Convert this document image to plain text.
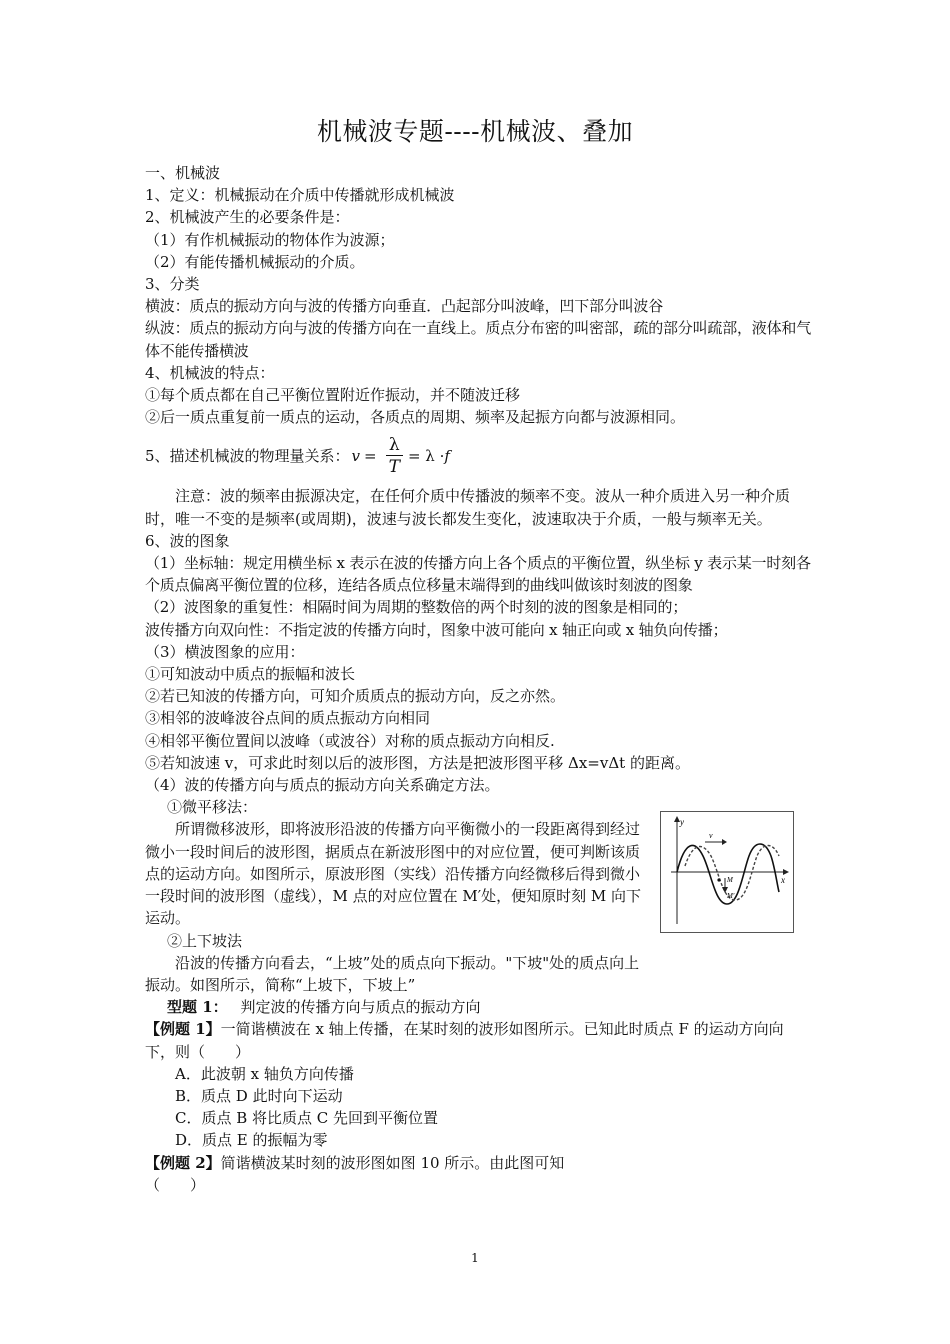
机械波专题----机械波、叠加

一、机械波

1、定义：机械振动在介质中传播就形成机械波

2、机械波产生的必要条件是：

（1）有作机械振动的物体作为波源；

（2）有能传播机械振动的介质。

3、分类

横波：质点的振动方向与波的传播方向垂直．凸起部分叫波峰，凹下部分叫波谷

纵波：质点的振动方向与波的传播方向在一直线上。质点分布密的叫密部，疏的部分叫疏部，液体和气体不能传播横波

4、机械波的特点：

①每个质点都在自己平衡位置附近作振动，并不随波迁移

②后一质点重复前一质点的运动，各质点的周期、频率及起振方向都与波源相同。

5、描述机械波的物理量关系： $v = \frac{\lambda}{T} = \lambda \cdot f$

注意：波的频率由振源决定，在任何介质中传播波的频率不变。波从一种介质进入另一种介质时，唯一不变的是频率(或周期)，波速与波长都发生变化，波速取决于介质，一般与频率无关。

6、波的图象

（1）坐标轴：规定用横坐标 x 表示在波的传播方向上各个质点的平衡位置，纵坐标 y 表示某一时刻各个质点偏离平衡位置的位移，连结各质点位移量末端得到的曲线叫做该时刻波的图象

（2）波图象的重复性：相隔时间为周期的整数倍的两个时刻的波的图象是相同的；

波传播方向双向性：不指定波的传播方向时，图象中波可能向 x 轴正向或 x 轴负向传播；

（3）横波图象的应用：

①可知波动中质点的振幅和波长

②若已知波的传播方向，可知介质质点的振动方向，反之亦然。

③相邻的波峰波谷点间的质点振动方向相同

④相邻平衡位置间以波峰（或波谷）对称的质点振动方向相反.

⑤若知波速 v，可求此时刻以后的波形图，方法是把波形图平移 Δx=vΔt 的距离。

（4）波的传播方向与质点的振动方向关系确定方法。

①微平移法：

所谓微移波形，即将波形沿波的传播方向平衡微小的一段距离得到经过微小一段时间后的波形图，据质点在新波形图中的对应位置，便可判断该质点的运动方向。如图所示，原波形图（实线）沿传播方向经微移后得到微小一段时间的波形图（虚线），M 点的对应位置在 M′处，便知原时刻 M 向下运动。

②上下坡法

沿波的传播方向看去，“上坡”处的质点向下振动。"下坡"处的质点向上振动。如图所示，简称“上坡下，下坡上”

型题 1： 判定波的传播方向与质点的振动方向

【例题 1】一简谐横波在 x 轴上传播，在某时刻的波形如图所示。已知此时质点 F 的运动方向向下，则（　　）

A．此波朝 x 轴负方向传播

B．质点 D 此时向下运动

C．质点 B 将比质点 C 先回到平衡位置

D．质点 E 的振幅为零

【例题 2】简谐横波某时刻的波形图如图 10 所示。由此图可知

（　　）

y
x
v
M
M'
1
